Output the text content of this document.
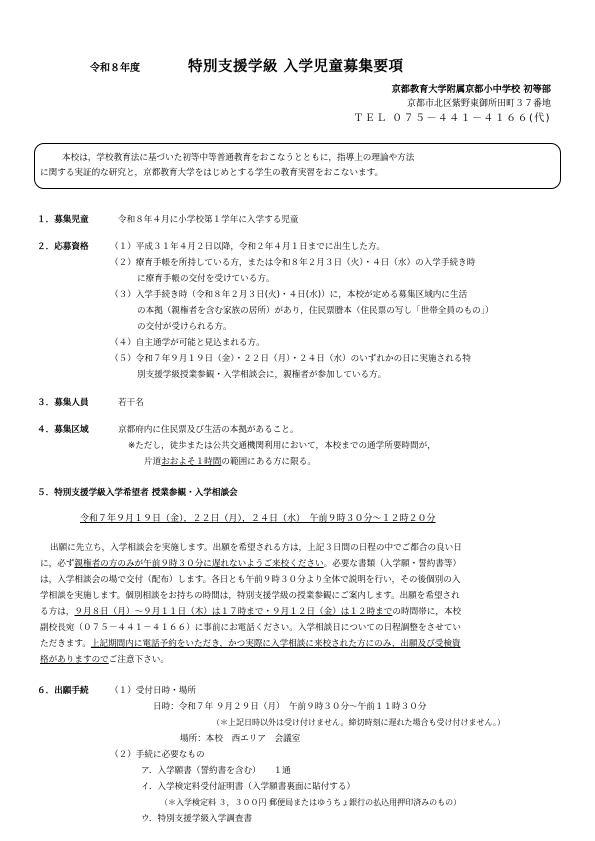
令和８年度	特別支援学級 入学児童募集要項
京都教育大学附属京都小中学校 初等部
京都市北区紫野東御所田町３７番地
ＴＥＬ ０７５－４４１－４１６６(代)
本校は，学校教育法に基づいた初等中等普通教育をおこなうとともに，指導上の理論や方法
に関する実証的な研究と，京都教育大学をはじめとする学生の教育実習をおこないます。
１．募集児童	令和８年４月に小学校第１学年に入学する児童
２．応募資格 （１）平成３１年４月２日以降，令和２年４月１日までに出生した方。
（２）療育手帳を所持している方，または令和８年２月３日（火）・４日（水）の入学手続き時
に療育手帳の交付を受けている方。
（３）入学手続き時（令和８年２月３日(火)・４日(水)）に，本校が定める募集区域内に生活
の本拠（親権者を含む家族の居所）があり，住民票謄本（住民票の写し「世帯全員のもの」）
の交付が受けられる方。
（４）自主通学が可能と見込まれる方。
（５）令和７年９月１９日（金）・２２日（月）・２４日（水）のいずれかの日に実施される特
別支援学級授業参観・入学相談会に，親権者が参加している方。
３．募集人員	若干名
４．募集区域	京都府内に住民票及び生活の本拠があること。
※ただし，徒歩または公共交通機関利用において，本校までの通学所要時間が，
片道おおよそ１時間の範囲にある方に限る。
５．特別支援学級入学希望者 授業参観・入学相談会
令和７年９月１９日（金），２２日（月），２４日（水）　午前９時３０分～１２時２０分
出願に先立ち，入学相談会を実施します。出願を希望される方は，上記３日間の日程の中でご都合の良い日
に，必ず親権者の方のみが午前９時３０分に遅れないようご来校ください。必要な書類（入学願・誓約書等）
は，入学相談会の場で交付（配布）します。各日とも午前９時３０分より全体で説明を行い，その後個別の入
学相談を実施します。個別相談をお持ちの時間は，特別支援学級の授業参観にご案内します。出願を希望され
る方は，９月８日（月）～９月１１日（木）は１７時まで・９月１２日（金）は１２時までの時間帯に，本校
副校長宛（０７５－４４１－４１６６）に事前にお電話ください。入学相談日についての日程調整をさせてい
ただきます。上記期間内に電話予約をいただき，かつ実際に入学相談に来校された方にのみ，出願及び受検資
格がありますのでご注意下さい。
６．出願手続 （１）受付日時・場所
日時：令和７年 ９月２９日（月）　午前９時３０分～午前１１時３０分
（＊上記日時以外は受け付けません。締切時刻に遅れた場合も受け付けません。）
場所：本校　西エリア　会議室
（２）手続に必要なもの
ア．入学願書（誓約書を含む）　　１通
イ．入学検定料受付証明書（入学願書裏面に貼付する）
（＊入学検定料 ３，３００円 郵便局またはゆうちょ銀行の払込用押印済みのもの）
ウ．特別支援学級入学調査書
